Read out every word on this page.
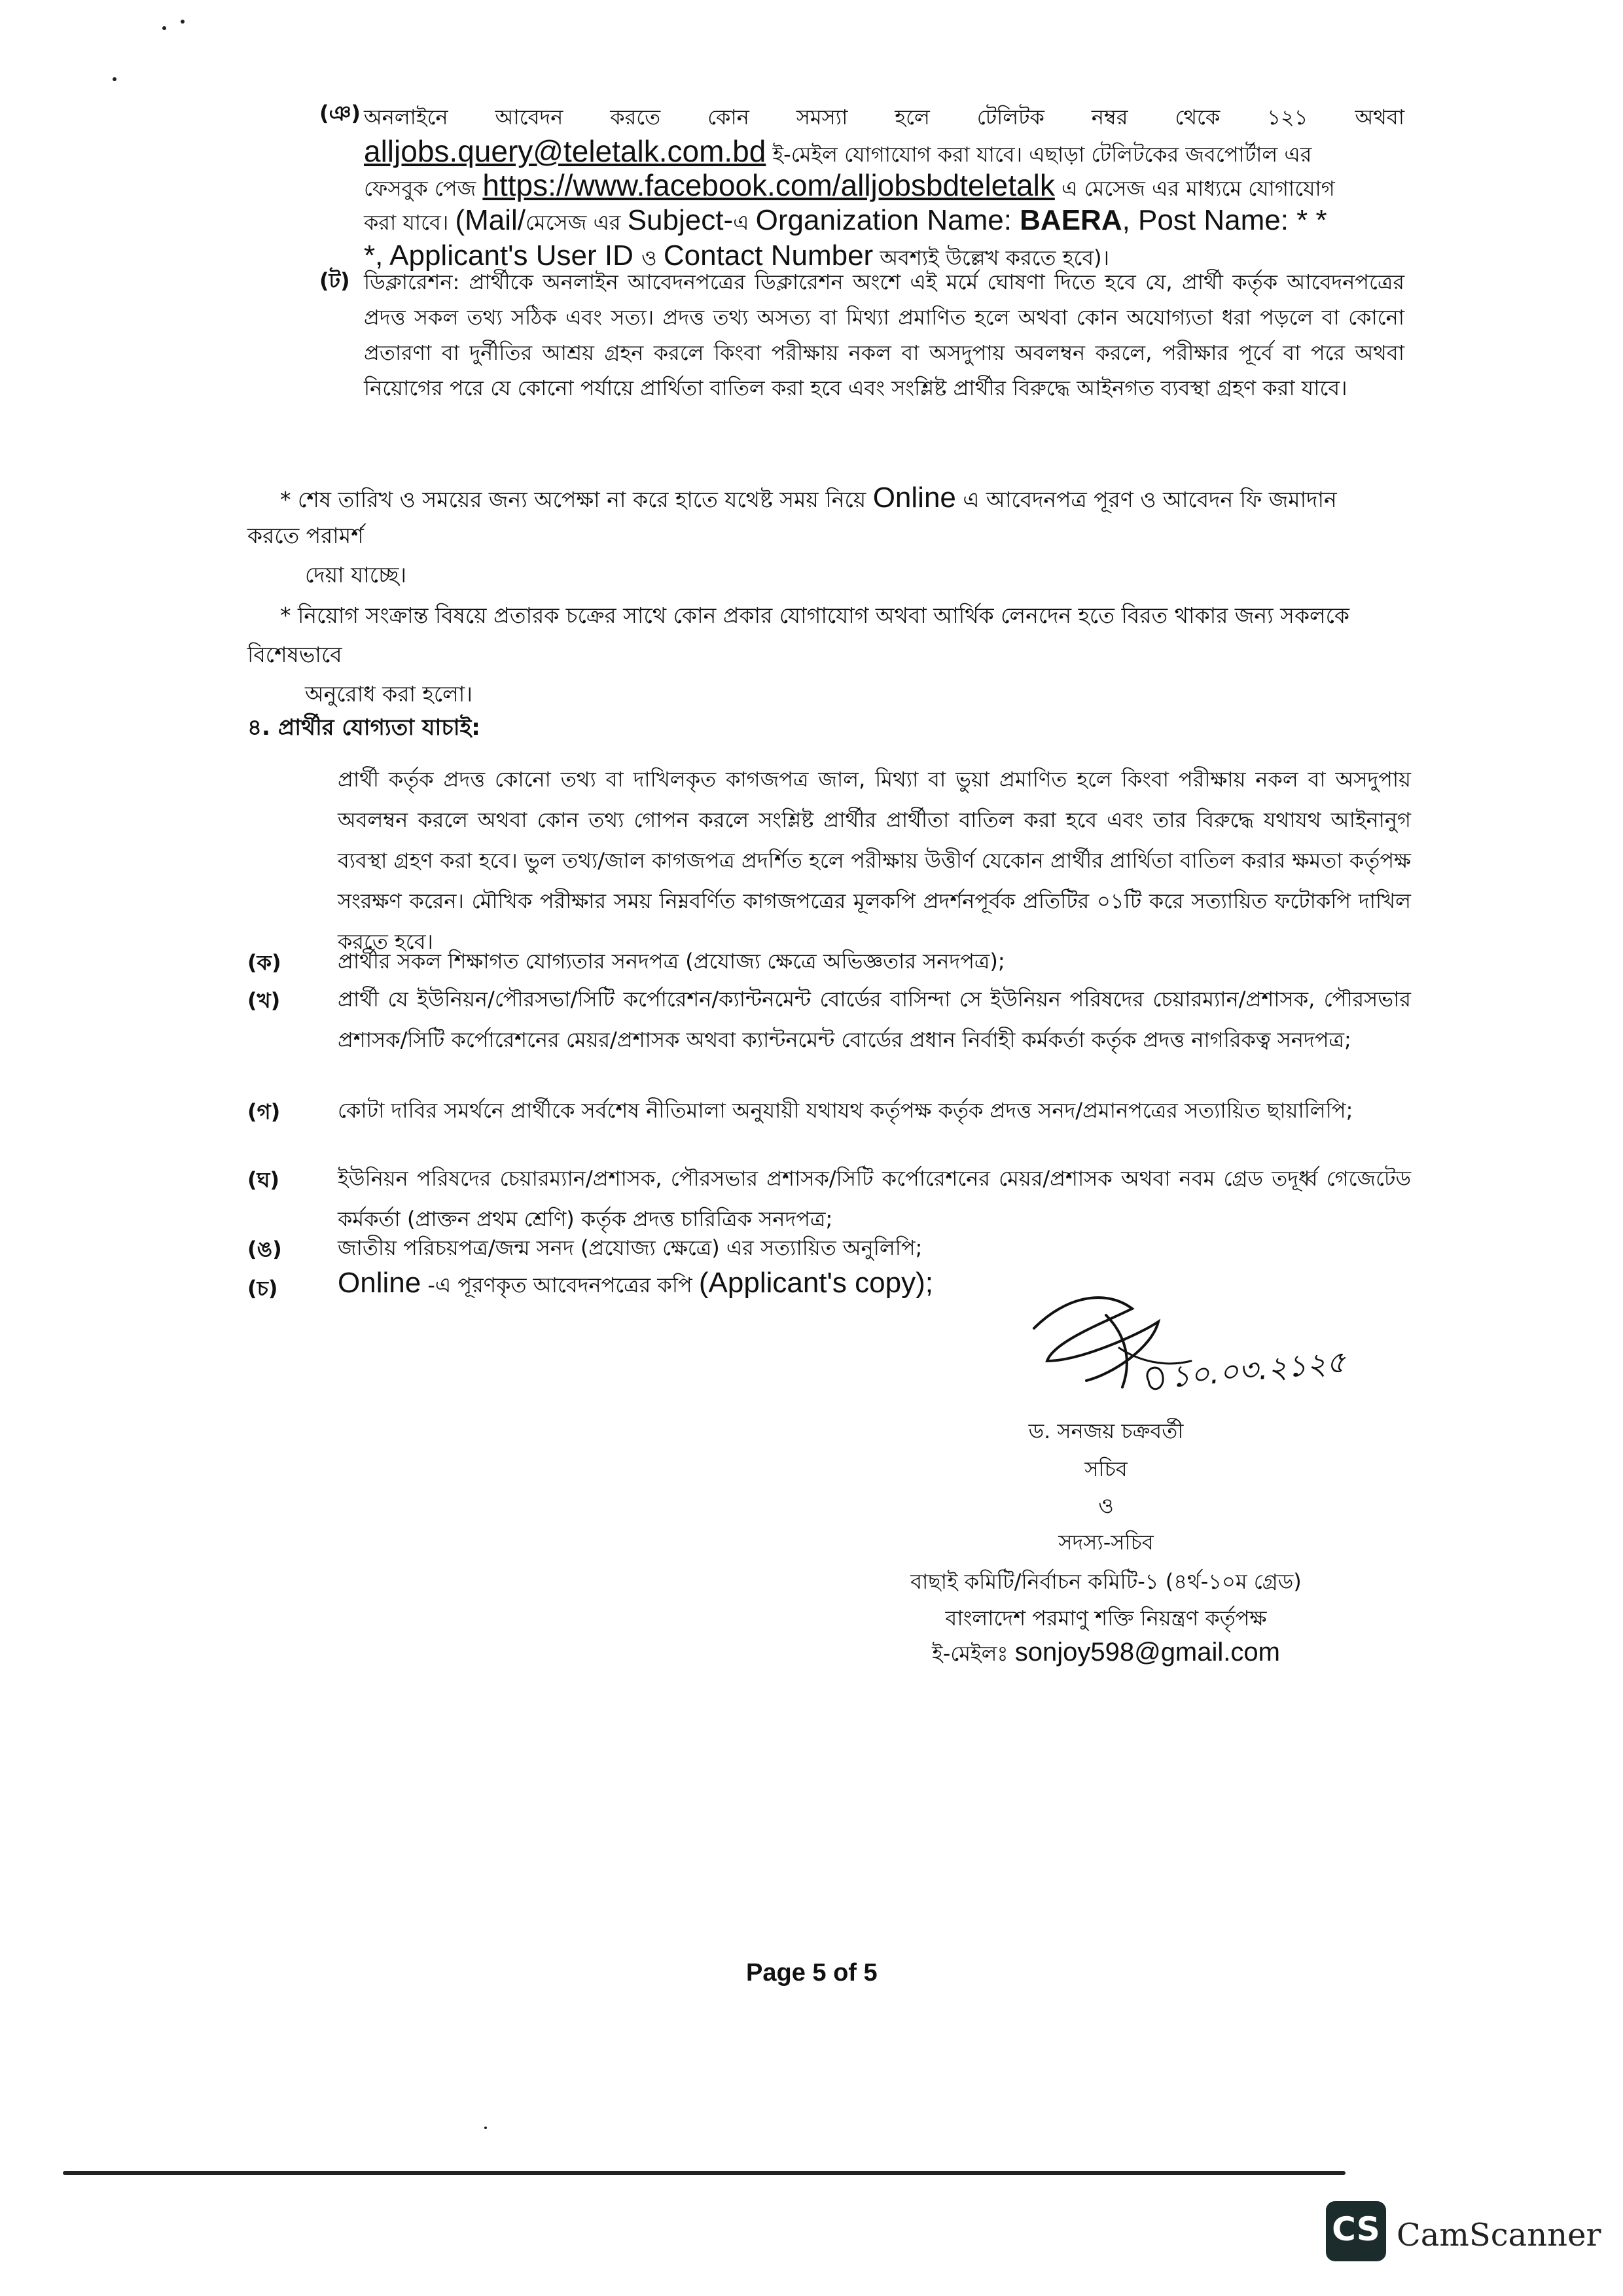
(ঞ) অনলাইনে আবেদন করতে কোন সমস্যা হলে টেলিটক নম্বর থেকে ১২১ অথবা
alljobs.query@teletalk.com.bd ই-মেইল যোগাযোগ করা যাবে। এছাড়া টেলিটকের জবপোর্টাল এর
ফেসবুক পেজ https://www.facebook.com/alljobsbdteletalk এ মেসেজ এর মাধ্যমে যোগাযোগ
করা যাবে। (Mail/মেসেজ এর Subject-এ Organization Name: BAERA, Post Name: * *
*, Applicant's User ID ও Contact Number অবশ্যই উল্লেখ করতে হবে)।
(ট) ডিক্লারেশন: প্রার্থীকে অনলাইন আবেদনপত্রের ডিক্লারেশন অংশে এই মর্মে ঘোষণা দিতে হবে যে, প্রার্থী কর্তৃক আবেদনপত্রের প্রদত্ত সকল তথ্য সঠিক এবং সত্য। প্রদত্ত তথ্য অসত্য বা মিথ্যা প্রমাণিত হলে অথবা কোন অযোগ্যতা ধরা পড়লে বা কোনো প্রতারণা বা দুর্নীতির আশ্রয় গ্রহন করলে কিংবা পরীক্ষায় নকল বা অসদুপায় অবলম্বন করলে, পরীক্ষার পূর্বে বা পরে অথবা নিয়োগের পরে যে কোনো পর্যায়ে প্রার্থিতা বাতিল করা হবে এবং সংশ্লিষ্ট প্রার্থীর বিরুদ্ধে আইনগত ব্যবস্থা গ্রহণ করা যাবে।
* শেষ তারিখ ও সময়ের জন্য অপেক্ষা না করে হাতে যথেষ্ট সময় নিয়ে Online এ আবেদনপত্র পূরণ ও আবেদন ফি জমাদান
করতে পরামর্শ
দেয়া যাচ্ছে।
* নিয়োগ সংক্রান্ত বিষয়ে প্রতারক চক্রের সাথে কোন প্রকার যোগাযোগ অথবা আর্থিক লেনদেন হতে বিরত থাকার জন্য সকলকে
বিশেষভাবে
অনুরোধ করা হলো।
৪. প্রার্থীর যোগ্যতা যাচাই:
প্রার্থী কর্তৃক প্রদত্ত কোনো তথ্য বা দাখিলকৃত কাগজপত্র জাল, মিথ্যা বা ভুয়া প্রমাণিত হলে কিংবা পরীক্ষায় নকল বা অসদুপায় অবলম্বন করলে অথবা কোন তথ্য গোপন করলে সংশ্লিষ্ট প্রার্থীর প্রার্থীতা বাতিল করা হবে এবং তার বিরুদ্ধে যথাযথ আইনানুগ ব্যবস্থা গ্রহণ করা হবে। ভুল তথ্য/জাল কাগজপত্র প্রদর্শিত হলে পরীক্ষায় উত্তীর্ণ যেকোন প্রার্থীর প্রার্থিতা বাতিল করার ক্ষমতা কর্তৃপক্ষ সংরক্ষণ করেন। মৌখিক পরীক্ষার সময় নিম্নবর্ণিত কাগজপত্রের মূলকপি প্রদর্শনপূর্বক প্রতিটির ০১টি করে সত্যায়িত ফটোকপি দাখিল করতে হবে।
(ক)	প্রার্থীর সকল শিক্ষাগত যোগ্যতার সনদপত্র (প্রযোজ্য ক্ষেত্রে অভিজ্ঞতার সনদপত্র);
(খ)	প্রার্থী যে ইউনিয়ন/পৌরসভা/সিটি কর্পোরেশন/ক্যান্টনমেন্ট বোর্ডের বাসিন্দা সে ইউনিয়ন পরিষদের চেয়ারম্যান/প্রশাসক, পৌরসভার প্রশাসক/সিটি কর্পোরেশনের মেয়র/প্রশাসক অথবা ক্যান্টনমেন্ট বোর্ডের প্রধান নির্বাহী কর্মকর্তা কর্তৃক প্রদত্ত নাগরিকত্ব সনদপত্র;
(গ)	কোটা দাবির সমর্থনে প্রার্থীকে সর্বশেষ নীতিমালা অনুযায়ী যথাযথ কর্তৃপক্ষ কর্তৃক প্রদত্ত সনদ/প্রমানপত্রের সত্যায়িত ছায়ালিপি;
(ঘ)	ইউনিয়ন পরিষদের চেয়ারম্যান/প্রশাসক, পৌরসভার প্রশাসক/সিটি কর্পোরেশনের মেয়র/প্রশাসক অথবা নবম গ্রেড তদূর্ধ্ব গেজেটেড কর্মকর্তা (প্রাক্তন প্রথম শ্রেণি) কর্তৃক প্রদত্ত চারিত্রিক সনদপত্র;
(ঙ)	জাতীয় পরিচয়পত্র/জন্ম সনদ (প্রযোজ্য ক্ষেত্রে) এর সত্যায়িত অনুলিপি;
(চ) Online -এ পূরণকৃত আবেদনপত্রের কপি (Applicant's copy);
১০.০৩.২১২৫
ড. সনজয় চক্রবর্তী
সচিব
ও
সদস্য-সচিব
বাছাই কমিটি/নির্বাচন কমিটি-১ (৪র্থ-১০ম গ্রেড)
বাংলাদেশ পরমাণু শক্তি নিয়ন্ত্রণ কর্তৃপক্ষ
ই-মেইলঃ sonjoy598@gmail.com
Page 5 of 5
CS CamScanner
